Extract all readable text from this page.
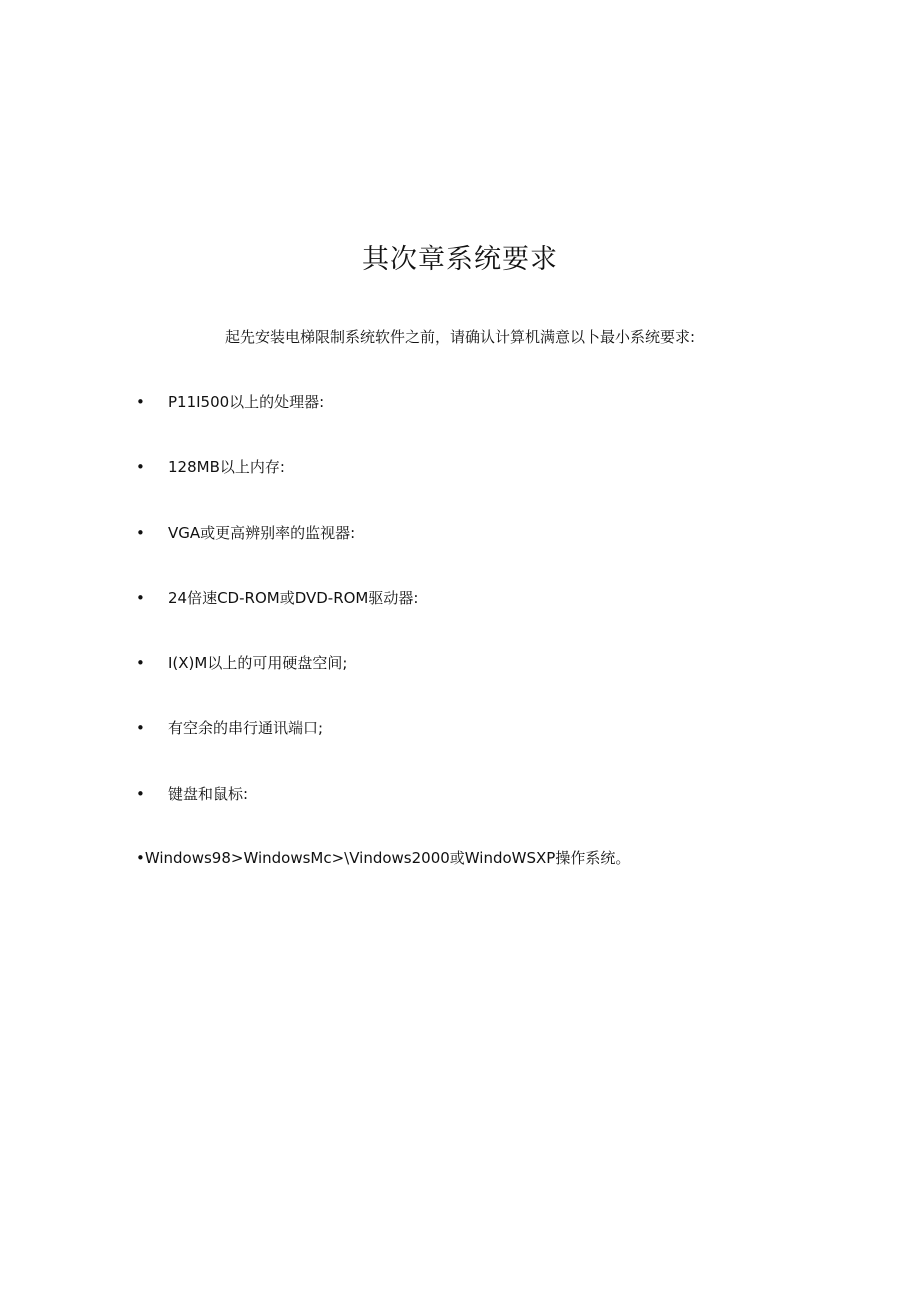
其次章系统要求
起先安装电梯限制系统软件之前，请确认计算机满意以卜最小系统要求:
• P11I500以上的处理器:
• 128MB以上内存:
• VGA或更高辨别率的监视器:
• 24倍速CD-ROM或DVD-ROM驱动器:
• I(X)M以上的可用硬盘空间;
• 有空余的串行通讯端口;
• 键盘和鼠标:
•Windows98>WindowsMc>\Vindows2000或WindoWSXP操作系统。
